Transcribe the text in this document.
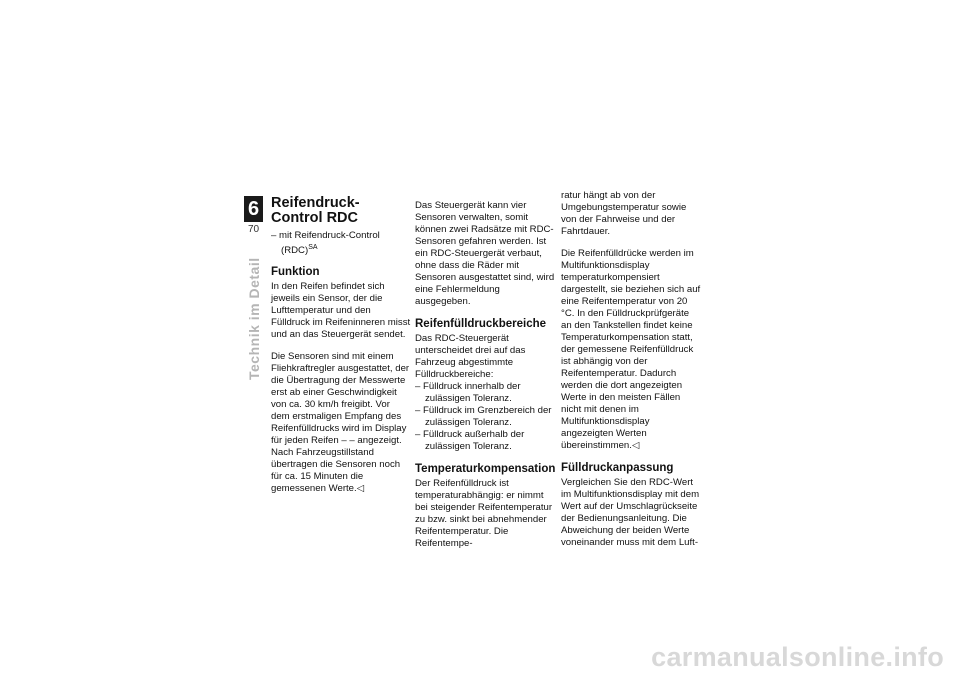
6
70
Technik im Detail
Reifendruck-Control RDC

– mit Reifendruck-Control (RDC)$^{SA}$

Funktion

In den Reifen befindet sich jeweils ein Sensor, der die Lufttemperatur und den Fülldruck im Reifeninneren misst und an das Steuergerät sendet.

Die Sensoren sind mit einem Fliehkraftregler ausgestattet, der die Übertragung der Messwerte erst ab einer Geschwindigkeit von ca. 30 km/h freigibt. Vor dem erstmaligen Empfang des Reifenfülldrucks wird im Display für jeden Reifen – – angezeigt. Nach Fahrzeugstillstand übertragen die Sensoren noch für ca. 15 Minuten die gemessenen Werte.◁

Das Steuergerät kann vier Sensoren verwalten, somit können zwei Radsätze mit RDC-Sensoren gefahren werden. Ist ein RDC-Steuergerät verbaut, ohne dass die Räder mit Sensoren ausgestattet sind, wird eine Fehlermeldung ausgegeben.

Reifenfülldruckbereiche

Das RDC-Steuergerät unterscheidet drei auf das Fahrzeug abgestimmte Fülldruckbereiche:

– Fülldruck innerhalb der zulässigen Toleranz.

– Fülldruck im Grenzbereich der zulässigen Toleranz.

– Fülldruck außerhalb der zulässigen Toleranz.

Temperaturkompensation

Der Reifenfülldruck ist temperaturabhängig: er nimmt bei steigender Reifentemperatur zu bzw. sinkt bei abnehmender Reifentemperatur. Die Reifentempe-

ratur hängt ab von der Umgebungstemperatur sowie von der Fahrweise und der Fahrtdauer.

Die Reifenfülldrücke werden im Multifunktionsdisplay temperaturkompensiert dargestellt, sie beziehen sich auf eine Reifentemperatur von 20 °C. In den Fülldruckprüfgeräte an den Tankstellen findet keine Temperaturkompensation statt, der gemessene Reifenfülldruck ist abhängig von der Reifentemperatur. Dadurch werden die dort angezeigten Werte in den meisten Fällen nicht mit denen im Multifunktionsdisplay angezeigten Werten übereinstimmen.◁

Fülldruckanpassung

Vergleichen Sie den RDC-Wert im Multifunktionsdisplay mit dem Wert auf der Umschlagrückseite der Bedienungsanleitung. Die Abweichung der beiden Werte voneinander muss mit dem Luft-

carmanualsonline.info
